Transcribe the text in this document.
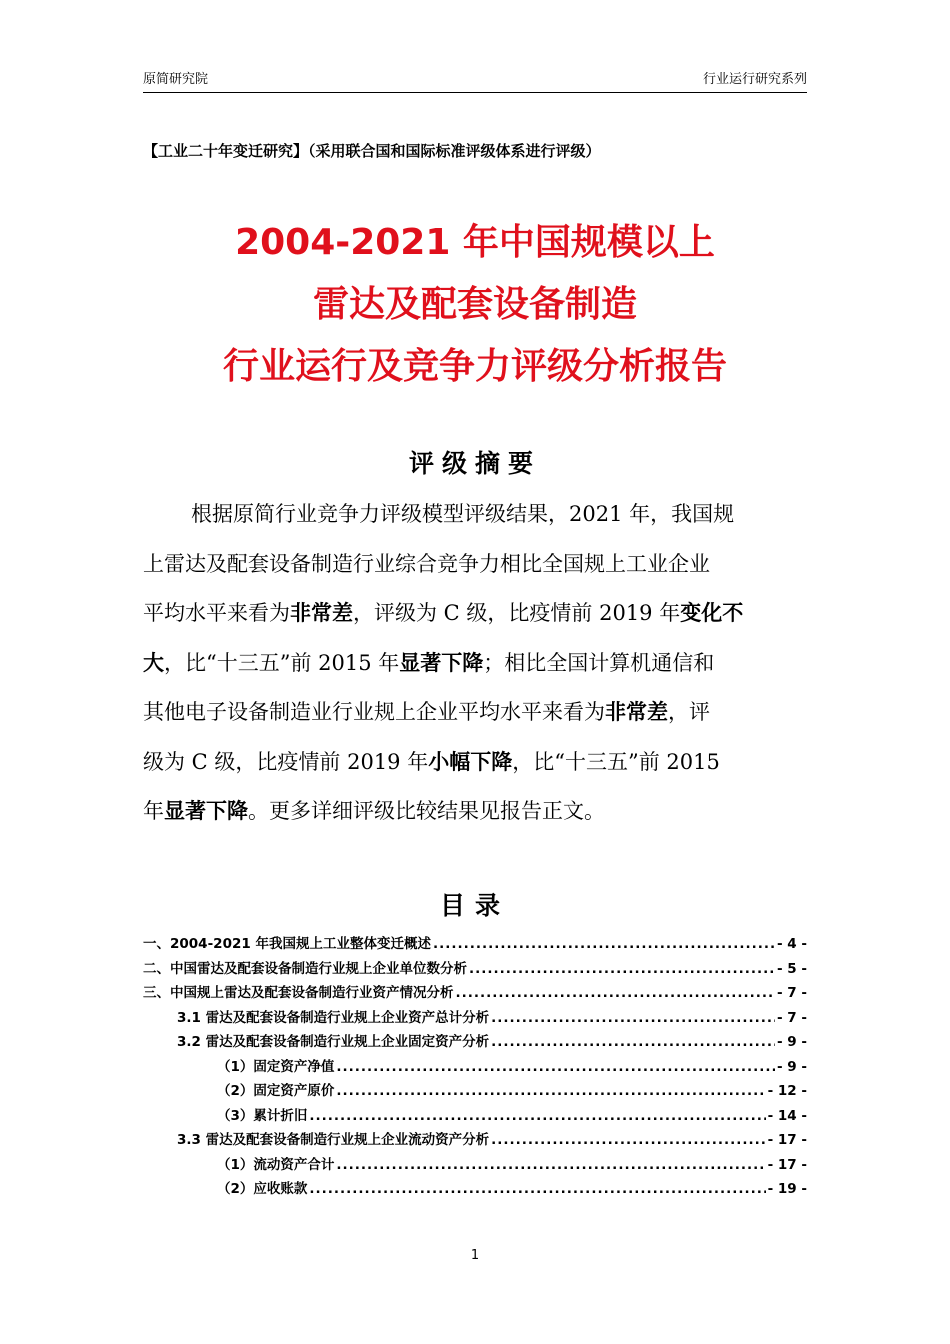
原简研究院	行业运行研究系列
【工业二十年变迁研究】（采用联合国和国际标准评级体系进行评级）
2004-2021 年中国规模以上
雷达及配套设备制造
行业运行及竞争力评级分析报告
评级摘要
根据原简行业竞争力评级模型评级结果，2021 年，我国规
上雷达及配套设备制造行业综合竞争力相比全国规上工业企业
平均水平来看为非常差，评级为 C 级，比疫情前 2019 年变化不
大，比“十三五”前 2015 年显著下降；相比全国计算机通信和
其他电子设备制造业行业规上企业平均水平来看为非常差，评
级为 C 级，比疫情前 2019 年小幅下降，比“十三五”前 2015
年显著下降。更多详细评级比较结果见报告正文。
目录
一、2004-2021 年我国规上工业整体变迁概述 .....	- 4 -
二、中国雷达及配套设备制造行业规上企业单位数分析 .....	- 5 -
三、中国规上雷达及配套设备制造行业资产情况分析 .....	- 7 -
3.1 雷达及配套设备制造行业规上企业资产总计分析 .....	- 7 -
3.2 雷达及配套设备制造行业规上企业固定资产分析 .....	- 9 -
（1）固定资产净值 .....	- 9 -
（2）固定资产原价 .....	- 12 -
（3）累计折旧 .....	- 14 -
3.3 雷达及配套设备制造行业规上企业流动资产分析 .....	- 17 -
（1）流动资产合计 .....	- 17 -
（2）应收账款 .....	- 19 -
1
